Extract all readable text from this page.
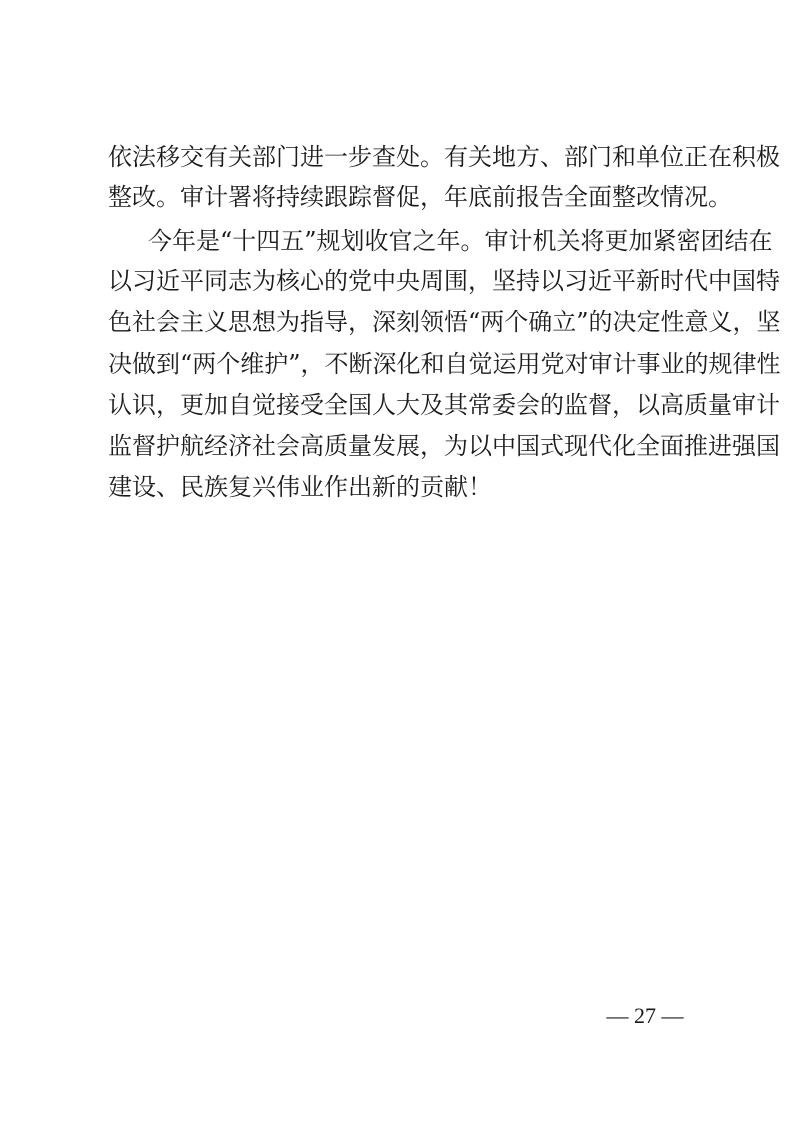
依法移交有关部门进一步查处。有关地方、部门和单位正在积极
整改。审计署将持续跟踪督促，年底前报告全面整改情况。
今年是“十四五”规划收官之年。审计机关将更加紧密团结在
以习近平同志为核心的党中央周围，坚持以习近平新时代中国特
色社会主义思想为指导，深刻领悟“两个确立”的决定性意义，坚
决做到“两个维护”，不断深化和自觉运用党对审计事业的规律性
认识，更加自觉接受全国人大及其常委会的监督，以高质量审计
监督护航经济社会高质量发展，为以中国式现代化全面推进强国
建设、民族复兴伟业作出新的贡献！
— 27 —
